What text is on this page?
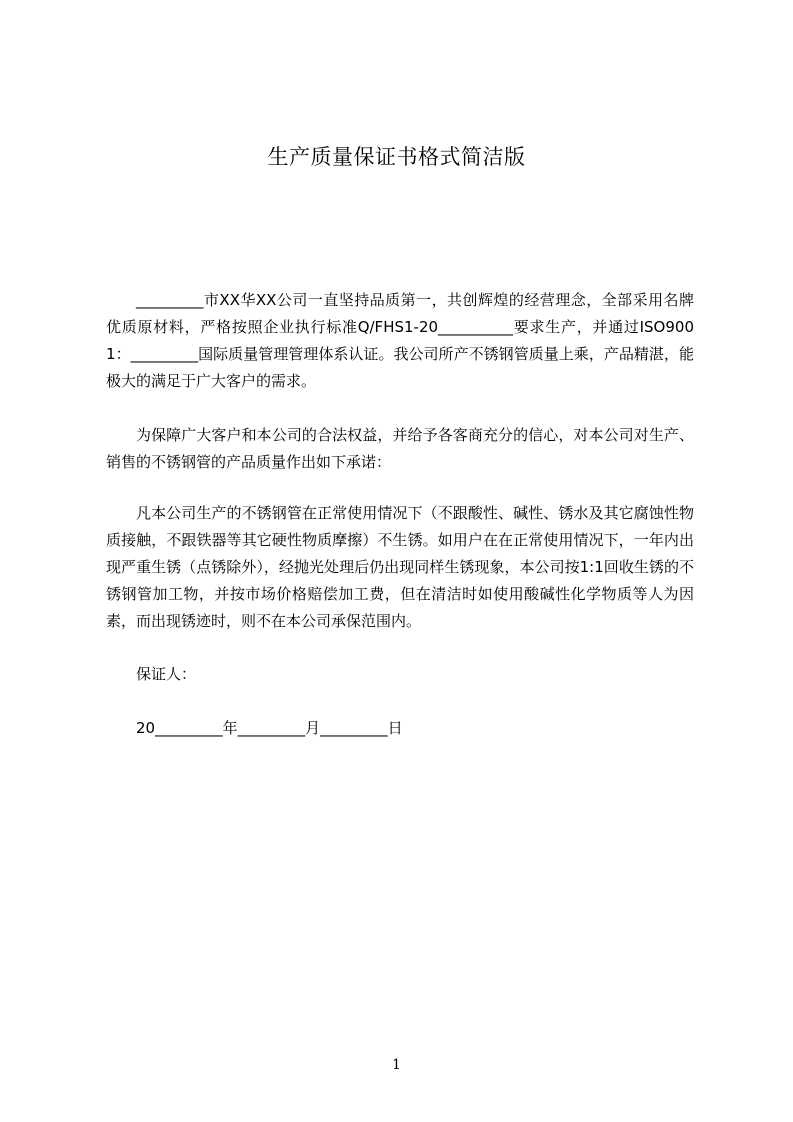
生产质量保证书格式简洁版

_________市XX华XX公司一直坚持品质第一，共创辉煌的经营理念，全部采用名牌优质原材料，严格按照企业执行标准Q/FHS1-20__________要求生产，并通过ISO9001：_________国际质量管理管理体系认证。我公司所产不锈钢管质量上乘，产品精湛，能极大的满足于广大客户的需求。

为保障广大客户和本公司的合法权益，并给予各客商充分的信心，对本公司对生产、销售的不锈钢管的产品质量作出如下承诺：

凡本公司生产的不锈钢管在正常使用情况下（不跟酸性、碱性、锈水及其它腐蚀性物质接触，不跟铁器等其它硬性物质摩擦）不生锈。如用户在在正常使用情况下，一年内出现严重生锈（点锈除外），经抛光处理后仍出现同样生锈现象，本公司按1:1回收生锈的不锈钢管加工物，并按市场价格赔偿加工费，但在清洁时如使用酸碱性化学物质等人为因素，而出现锈迹时，则不在本公司承保范围内。

保证人：

20_________年_________月_________日

1
